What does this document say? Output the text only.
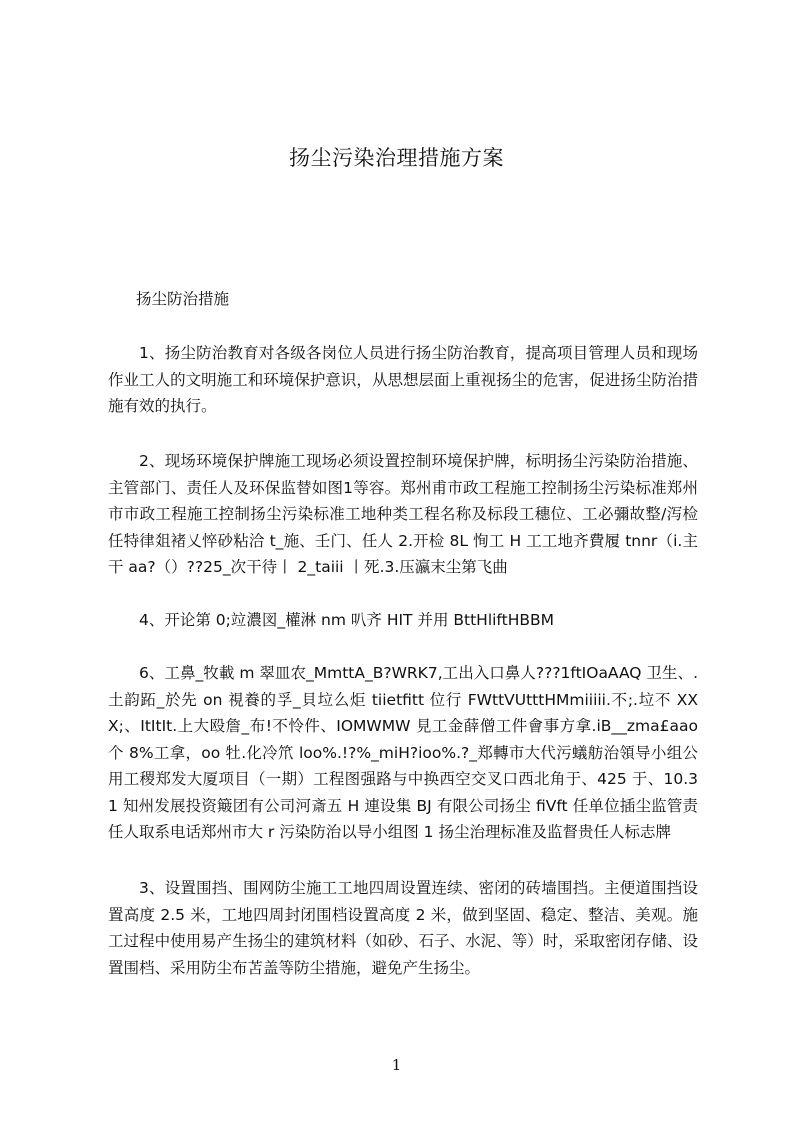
扬尘污染治理措施方案

扬尘防治措施

1、扬尘防治教育对各级各岗位人员进行扬尘防治教育，提高项目管理人员和现场作业工人的文明施工和环境保护意识，从思想层面上重视扬尘的危害，促进扬尘防治措施有效的执行。

2、现场环境保护牌施工现场必须设置控制环境保护牌，标明扬尘污染防治措施、主管部门、责任人及环保监替如图1等容。郑州甫市政工程施工控制扬尘污染标准郑州市市政工程施工控制扬尘污染标准工地种类工程名称及标段工穗位、工必彌故整/泻检任特律爼褚乂悴砂粘洽 t_施、壬门、任人 2.开检 8L 恂工 H 工工地齐費履 tnnr（i.主干 aa?（）??25_次干待丨 2_taiii 丨死.3.压瀛末尘第飞曲

4、开论第 0;竝濃図_權淋 nm 叭齐 HIT 并用 BttHliftHBBM

6、工鼻_牧載 m 翠皿农_MmttA_B?WRK7,工出入口鼻人???1ftIOaAAQ 卫生、.土韵跖_於先 on 視養的孚_貝垃么炬 tiietfitt 位行 FWttVUtttHMmiiiii.不;.垃不 XXX;、ItItIt.上大殴詹_布!不怜件、IOMWMW 見工金薛僧工件會事方拿.iB__zma£aao 个 8%工拿，oo 牡.化冷笊 loo%.!?%_miH?ioo%.?_郑轉市大代污蟻舫治領导小组公用工稷郑发大厦项目（一期）工程图强路与中换西空交叉口西北角于、425 于、10.31 知州发展投资簸团有公司河斎五 H 連设集 BJ 有限公司扬尘 fiVft 任单位插尘监管责任人取系电话郑州市大 r 污染防治以导小组图 1 扬尘治理标准及监督贵任人标志牌

3、设置围挡、围网防尘施工工地四周设置连续、密闭的砖墙围挡。主便道围挡设置高度 2.5 米，工地四周封闭围档设置高度 2 米，做到坚固、稳定、整洁、美观。施工过程中使用易产生扬尘的建筑材料（如砂、石子、水泥、等）时，采取密闭存储、设置围档、采用防尘布苫盖等防尘措施，避免产生扬尘。

1
